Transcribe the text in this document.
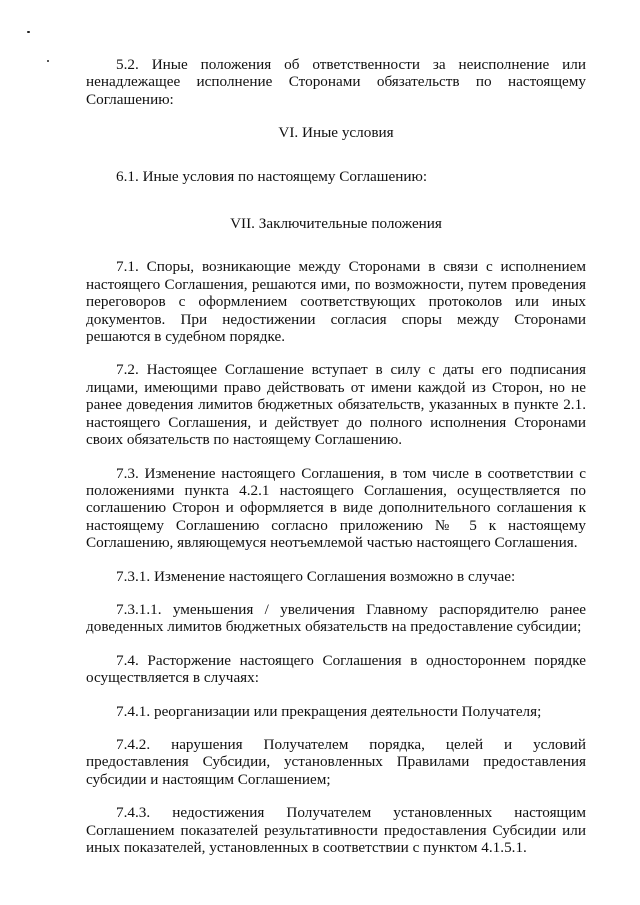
5.2. Иные положения об ответственности за неисполнение или ненадлежащее исполнение Сторонами обязательств по настоящему Соглашению:

VI. Иные условия

6.1. Иные условия по настоящему Соглашению:

VII. Заключительные положения

7.1. Споры, возникающие между Сторонами в связи с исполнением настоящего Соглашения, решаются ими, по возможности, путем проведения переговоров с оформлением соответствующих протоколов или иных документов. При недостижении согласия споры между Сторонами решаются в судебном порядке.

7.2. Настоящее Соглашение вступает в силу с даты его подписания лицами, имеющими право действовать от имени каждой из Сторон, но не ранее доведения лимитов бюджетных обязательств, указанных в пункте 2.1. настоящего Соглашения, и действует до полного исполнения Сторонами своих обязательств по настоящему Соглашению.

7.3. Изменение настоящего Соглашения, в том числе в соответствии с положениями пункта 4.2.1 настоящего Соглашения, осуществляется по соглашению Сторон и оформляется в виде дополнительного соглашения к настоящему Соглашению согласно приложению № 5 к настоящему Соглашению, являющемуся неотъемлемой частью настоящего Соглашения.

7.3.1. Изменение настоящего Соглашения возможно в случае:

7.3.1.1. уменьшения / увеличения Главному распорядителю ранее доведенных лимитов бюджетных обязательств на предоставление субсидии;

7.4. Расторжение настоящего Соглашения в одностороннем порядке осуществляется в случаях:

7.4.1. реорганизации или прекращения деятельности Получателя;

7.4.2. нарушения Получателем порядка, целей и условий предоставления Субсидии, установленных Правилами предоставления субсидии и настоящим Соглашением;

7.4.3. недостижения Получателем установленных настоящим Соглашением показателей результативности предоставления Субсидии или иных показателей, установленных в соответствии с пунктом 4.1.5.1.
